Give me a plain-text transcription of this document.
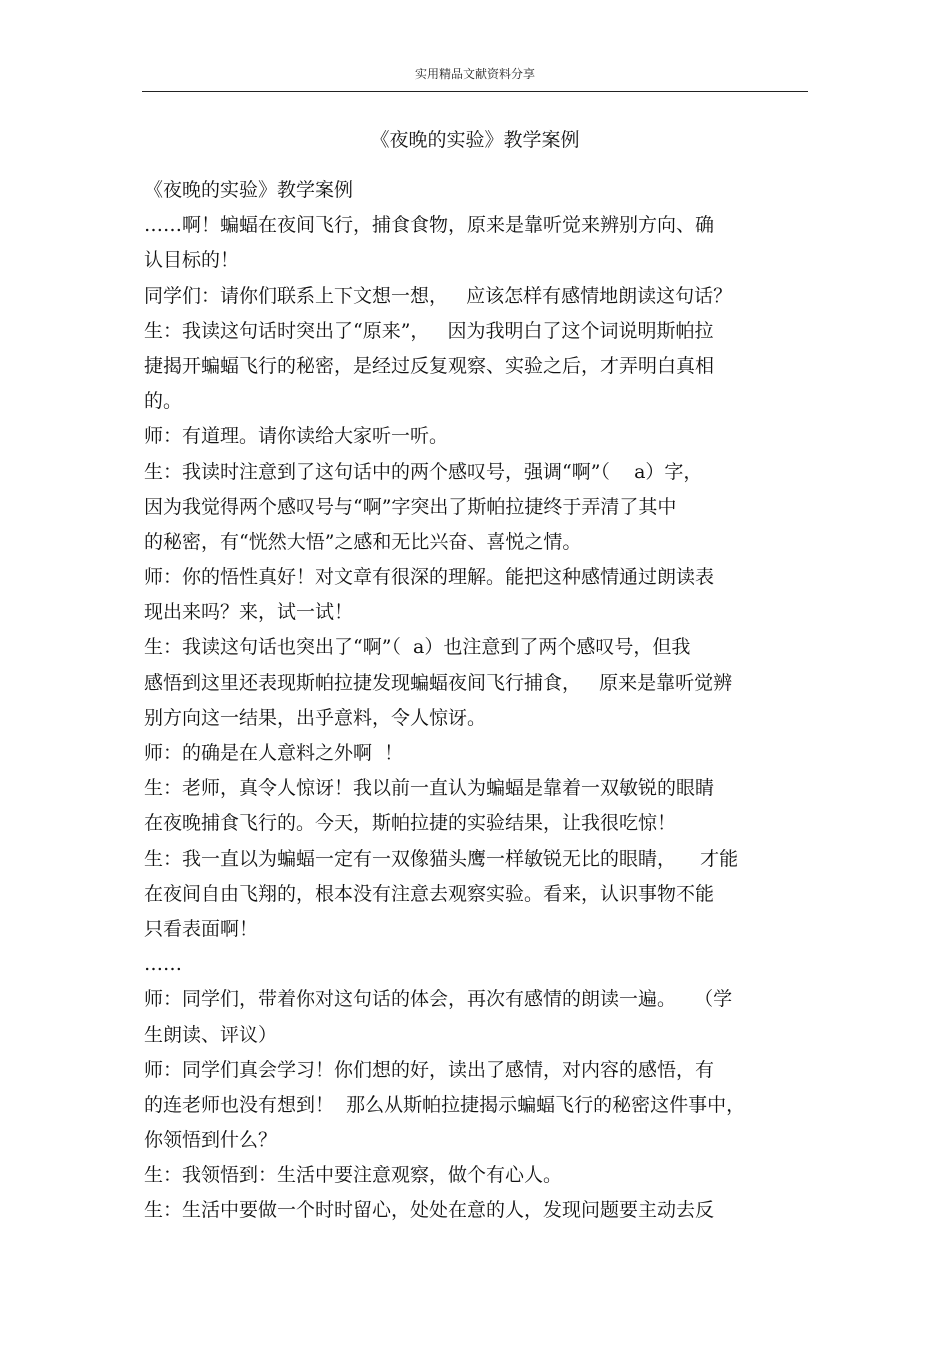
实用精品文献资料分享
《夜晚的实验》教学案例
《夜晚的实验》教学案例
……啊！蝙蝠在夜间飞行，捕食食物，原来是靠听觉来辨别方向、确
认目标的！
同学们：请你们联系上下文想一想，   应该怎样有感情地朗读这句话？
生：我读这句话时突出了“原来”，   因为我明白了这个词说明斯帕拉
捷揭开蝙蝠飞行的秘密，是经过反复观察、实验之后，才弄明白真相
的。
师：有道理。请你读给大家听一听。
生：我读时注意到了这句话中的两个感叹号，强调“啊”（    a）字，
因为我觉得两个感叹号与“啊”字突出了斯帕拉捷终于弄清了其中
的秘密，有“恍然大悟”之感和无比兴奋、喜悦之情。
师：你的悟性真好！对文章有很深的理解。能把这种感情通过朗读表
现出来吗？来，试一试！
生：我读这句话也突出了“啊”（  a）也注意到了两个感叹号，但我
感悟到这里还表现斯帕拉捷发现蝙蝠夜间飞行捕食，   原来是靠听觉辨
别方向这一结果，出乎意料，令人惊讶。
师：的确是在人意料之外啊  ！
生：老师，真令人惊讶！我以前一直认为蝙蝠是靠着一双敏锐的眼睛
在夜晚捕食飞行的。今天，斯帕拉捷的实验结果，让我很吃惊！
生：我一直以为蝙蝠一定有一双像猫头鹰一样敏锐无比的眼睛，    才能
在夜间自由飞翔的，根本没有注意去观察实验。看来，认识事物不能
只看表面啊！
……
师：同学们，带着你对这句话的体会，再次有感情的朗读一遍。   （学
生朗读、评议）
师：同学们真会学习！你们想的好，读出了感情，对内容的感悟，有
的连老师也没有想到！  那么从斯帕拉捷揭示蝙蝠飞行的秘密这件事中，
你领悟到什么？
生：我领悟到：生活中要注意观察，做个有心人。
生：生活中要做一个时时留心，处处在意的人，发现问题要主动去反
